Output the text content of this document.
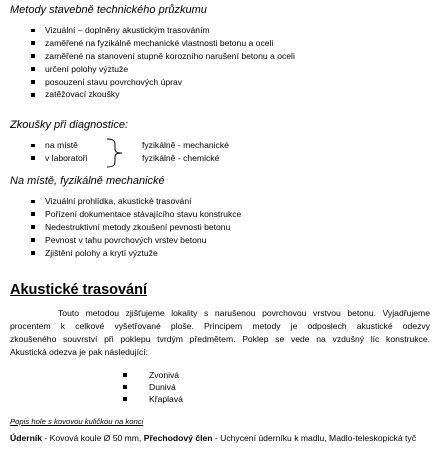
Metody stavebně technického průzkumu
Vizuální – doplněny akustickým trasováním
zaměřené na fyzikálně mechanické vlastnosti betonu a oceli
zaměřené na stanovení stupně korozního narušení betonu a oceli
určení polohy výztuže
posouzení stavu povrchových úprav
zatěžovací zkoušky
Zkoušky při diagnostice:
na místě
v laboratoři
fyzikálně - mechanické
fyzikálně - chemické
Na místě, fyzikálně mechanické
Vizuální prohlídka, akustické trasování
Pořízení dokumentace stávajícího stavu konstrukce
Nedestruktivní metody zkoušení pevnosti betonu
Pevnost v tahu povrchových vrstev betonu
Zjištění polohy a krytí výztuže
Akustické trasování
Touto metodou zjišťujeme lokality s narušenou povrchovou vrstvou betonu. Vyjadřujeme
procentem k celkové vyšetřované ploše. Principem metody je odposlech akustické odezvy
zkoušeného souvrství při poklepu tvrdým předmětem. Poklep se vede na vzdušný líc konstrukce.
Akustická odezva je pak následující:
Zvonivá
Dunivá
Křaplavá
Popis hole s kovovou kuličkou na konci
Úderník - Kovová koule Ø 50 mm, Přechodový člen - Uchycení úderníku k madlu, Madlo-teleskopická tyč
